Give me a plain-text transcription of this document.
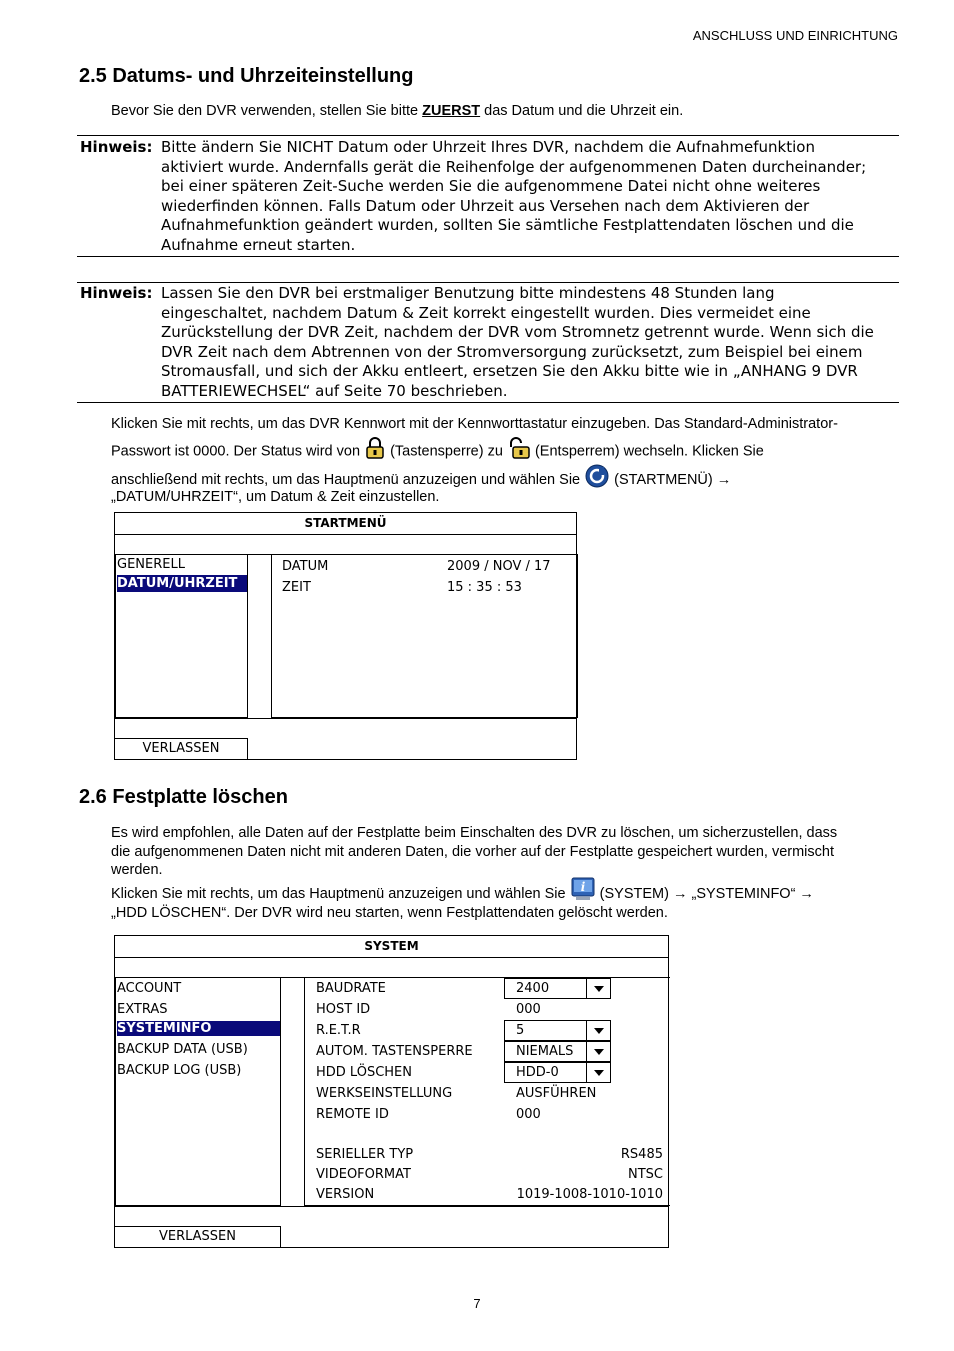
ANSCHLUSS UND EINRICHTUNG
2.5 Datums- und Uhrzeiteinstellung
Bevor Sie den DVR verwenden, stellen Sie bitte ZUERST das Datum und die Uhrzeit ein.
Hinweis: Bitte ändern Sie NICHT Datum oder Uhrzeit Ihres DVR, nachdem die Aufnahmefunktion
aktiviert wurde. Andernfalls gerät die Reihenfolge der aufgenommenen Daten durcheinander;
bei einer späteren Zeit-Suche werden Sie die aufgenommene Datei nicht ohne weiteres
wiederfinden können. Falls Datum oder Uhrzeit aus Versehen nach dem Aktivieren der
Aufnahmefunktion geändert wurden, sollten Sie sämtliche Festplattendaten löschen und die
Aufnahme erneut starten.
Hinweis: Lassen Sie den DVR bei erstmaliger Benutzung bitte mindestens 48 Stunden lang
eingeschaltet, nachdem Datum & Zeit korrekt eingestellt wurden. Dies vermeidet eine
Zurückstellung der DVR Zeit, nachdem der DVR vom Stromnetz getrennt wurde. Wenn sich die
DVR Zeit nach dem Abtrennen von der Stromversorgung zurücksetzt, zum Beispiel bei einem
Stromausfall, und sich der Akku entleert, ersetzen Sie den Akku bitte wie in „ANHANG 9 DVR
BATTERIEWECHSEL“ auf Seite 70 beschrieben.
Klicken Sie mit rechts, um das DVR Kennwort mit der Kennworttastatur einzugeben. Das Standard-Administrator-
Passwort ist 0000. Der Status wird von  (Tastensperre) zu  (Entsperrem) wechseln. Klicken Sie
anschließend mit rechts, um das Hauptmenü anzuzeigen und wählen Sie  (STARTMENÜ) →
„DATUM/UHRZEIT“, um Datum & Zeit einzustellen.
STARTMENÜ
GENERELL
DATUM/UHRZEIT
DATUM	2009 / NOV / 17
ZEIT	15 : 35 : 53
VERLASSEN
2.6 Festplatte löschen
Es wird empfohlen, alle Daten auf der Festplatte beim Einschalten des DVR zu löschen, um sicherzustellen, dass
die aufgenommenen Daten nicht mit anderen Daten, die vorher auf der Festplatte gespeichert wurden, vermischt
werden.
Klicken Sie mit rechts, um das Hauptmenü anzuzeigen und wählen Sie i (SYSTEM) → „SYSTEMINFO“ →
„HDD LÖSCHEN“. Der DVR wird neu starten, wenn Festplattendaten gelöscht werden.
SYSTEM
ACCOUNT
EXTRAS
SYSTEMINFO
BACKUP DATA (USB)
BACKUP LOG (USB)
BAUDRATE	2400
HOST ID	000
R.E.T.R	5
AUTOM. TASTENSPERRE	NIEMALS
HDD LÖSCHEN	HDD-0
WERKSEINSTELLUNG	AUSFÜHREN
REMOTE ID	000
SERIELLER TYP	RS485
VIDEOFORMAT	NTSC
VERSION	1019-1008-1010-1010
VERLASSEN
7
